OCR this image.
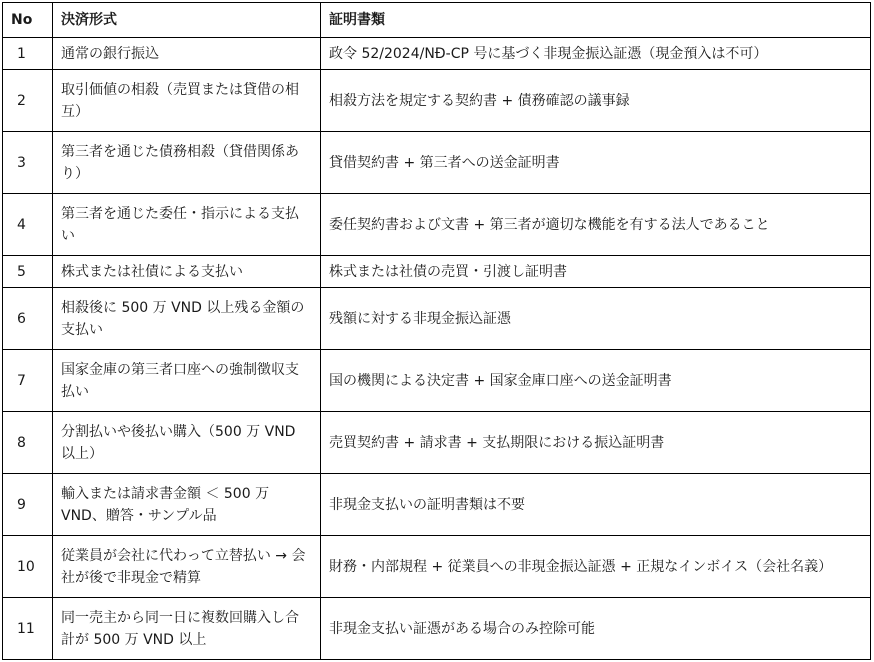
No	決済形式	証明書類
1	通常の銀行振込	政令 52/2024/NĐ-CP 号に基づく非現金振込証憑（現金預入は不可）
2	取引価値の相殺（売買または貸借の相互）	相殺方法を規定する契約書 + 債務確認の議事録
3	第三者を通じた債務相殺（貸借関係あり）	貸借契約書 + 第三者への送金証明書
4	第三者を通じた委任・指示による支払い	委任契約書および文書 + 第三者が適切な機能を有する法人であること
5	株式または社債による支払い	株式または社債の売買・引渡し証明書
6	相殺後に 500 万 VND 以上残る金額の支払い	残額に対する非現金振込証憑
7	国家金庫の第三者口座への強制徴収支払い	国の機関による決定書 + 国家金庫口座への送金証明書
8	分割払いや後払い購入（500 万 VND 以上）	売買契約書 + 請求書 + 支払期限における振込証明書
9	輸入または請求書金額 ＜ 500 万 VND、贈答・サンプル品	非現金支払いの証明書類は不要
10	従業員が会社に代わって立替払い → 会社が後で非現金で精算	財務・内部規程 + 従業員への非現金振込証憑 + 正規なインボイス（会社名義）
11	同一売主から同一日に複数回購入し合計が 500 万 VND 以上	非現金支払い証憑がある場合のみ控除可能
